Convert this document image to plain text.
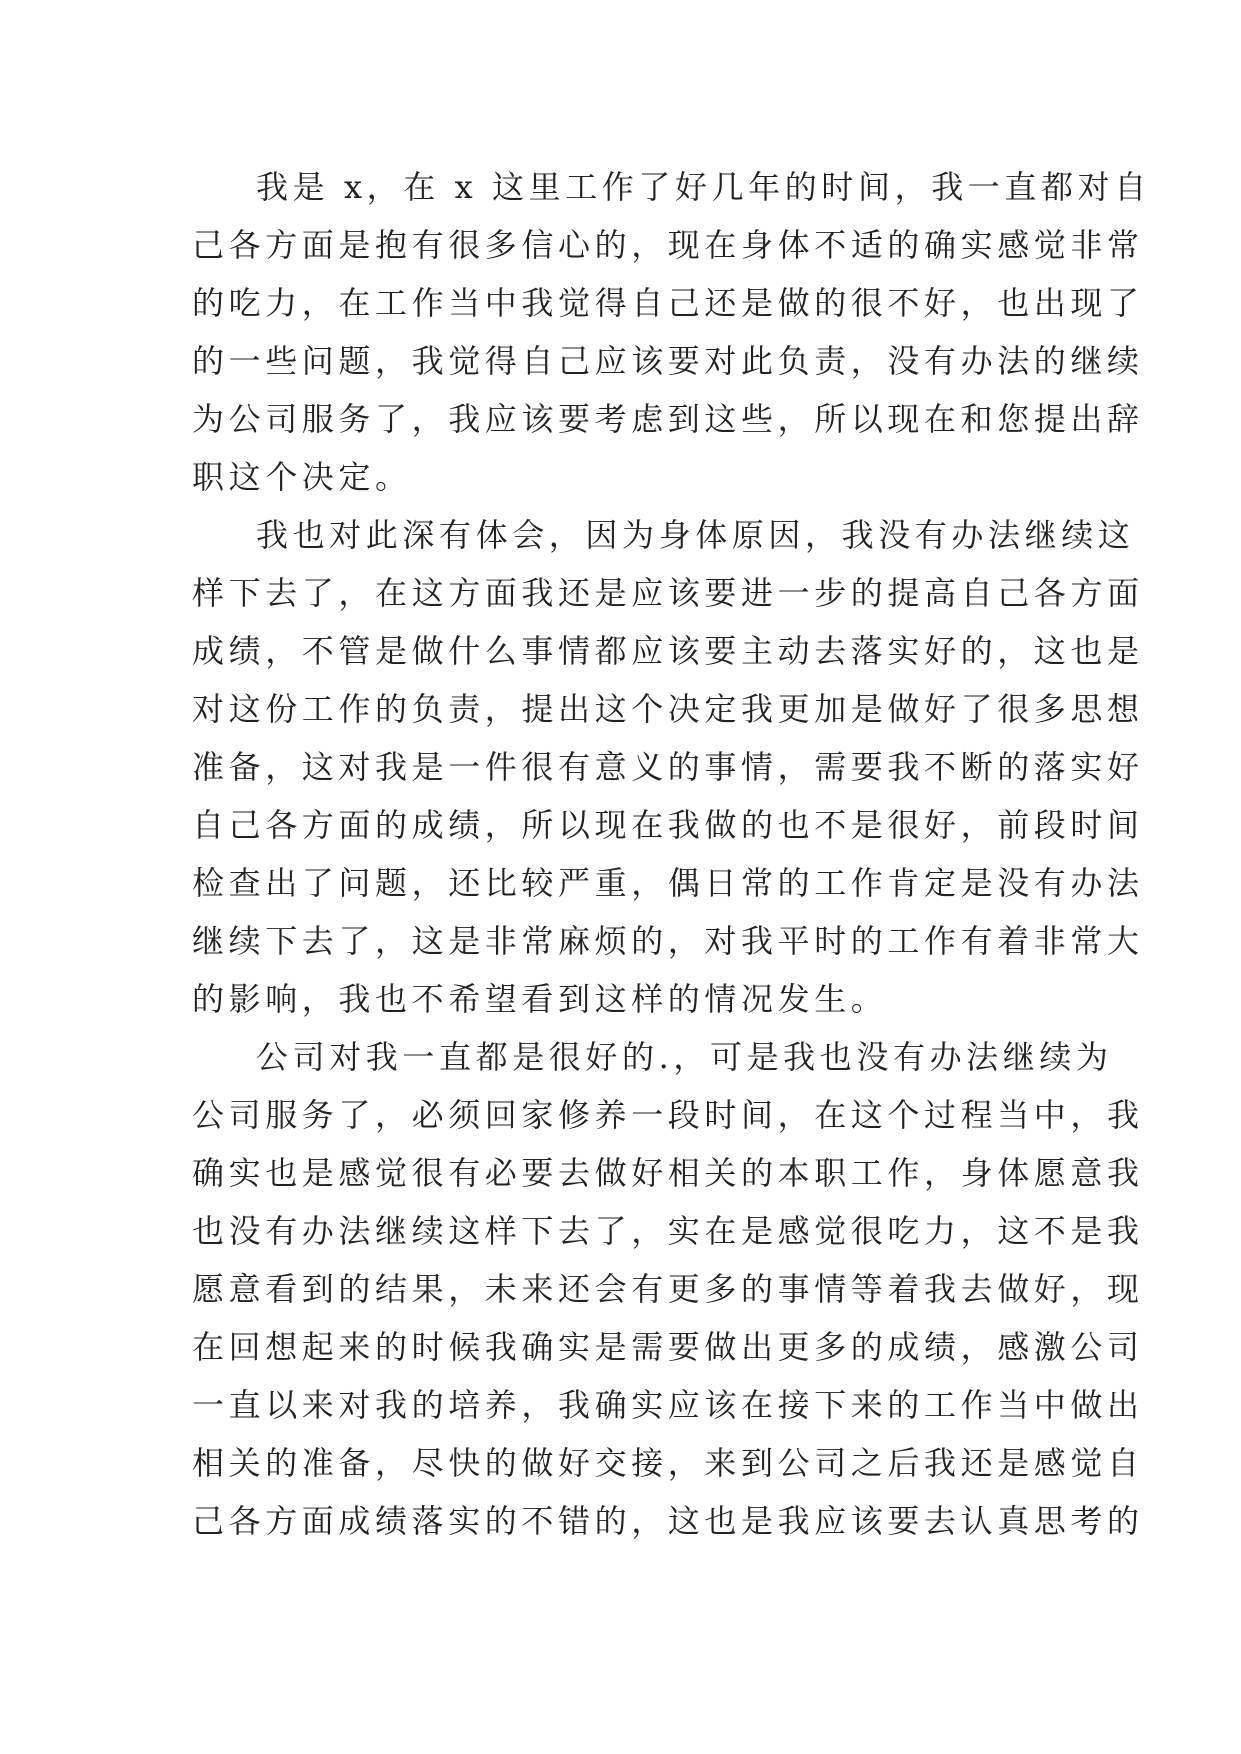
我是 x，在 x 这里工作了好几年的时间，我一直都对自
己各方面是抱有很多信心的，现在身体不适的确实感觉非常
的吃力，在工作当中我觉得自己还是做的很不好，也出现了
的一些问题，我觉得自己应该要对此负责，没有办法的继续
为公司服务了，我应该要考虑到这些，所以现在和您提出辞
职这个决定。
我也对此深有体会，因为身体原因，我没有办法继续这
样下去了，在这方面我还是应该要进一步的提高自己各方面
成绩，不管是做什么事情都应该要主动去落实好的，这也是
对这份工作的负责，提出这个决定我更加是做好了很多思想
准备，这对我是一件很有意义的事情，需要我不断的落实好
自己各方面的成绩，所以现在我做的也不是很好，前段时间
检查出了问题，还比较严重，偶日常的工作肯定是没有办法
继续下去了，这是非常麻烦的，对我平时的工作有着非常大
的影响，我也不希望看到这样的情况发生。
公司对我一直都是很好的.，可是我也没有办法继续为
公司服务了，必须回家修养一段时间，在这个过程当中，我
确实也是感觉很有必要去做好相关的本职工作，身体愿意我
也没有办法继续这样下去了，实在是感觉很吃力，这不是我
愿意看到的结果，未来还会有更多的事情等着我去做好，现
在回想起来的时候我确实是需要做出更多的成绩，感激公司
一直以来对我的培养，我确实应该在接下来的工作当中做出
相关的准备，尽快的做好交接，来到公司之后我还是感觉自
己各方面成绩落实的不错的，这也是我应该要去认真思考的
